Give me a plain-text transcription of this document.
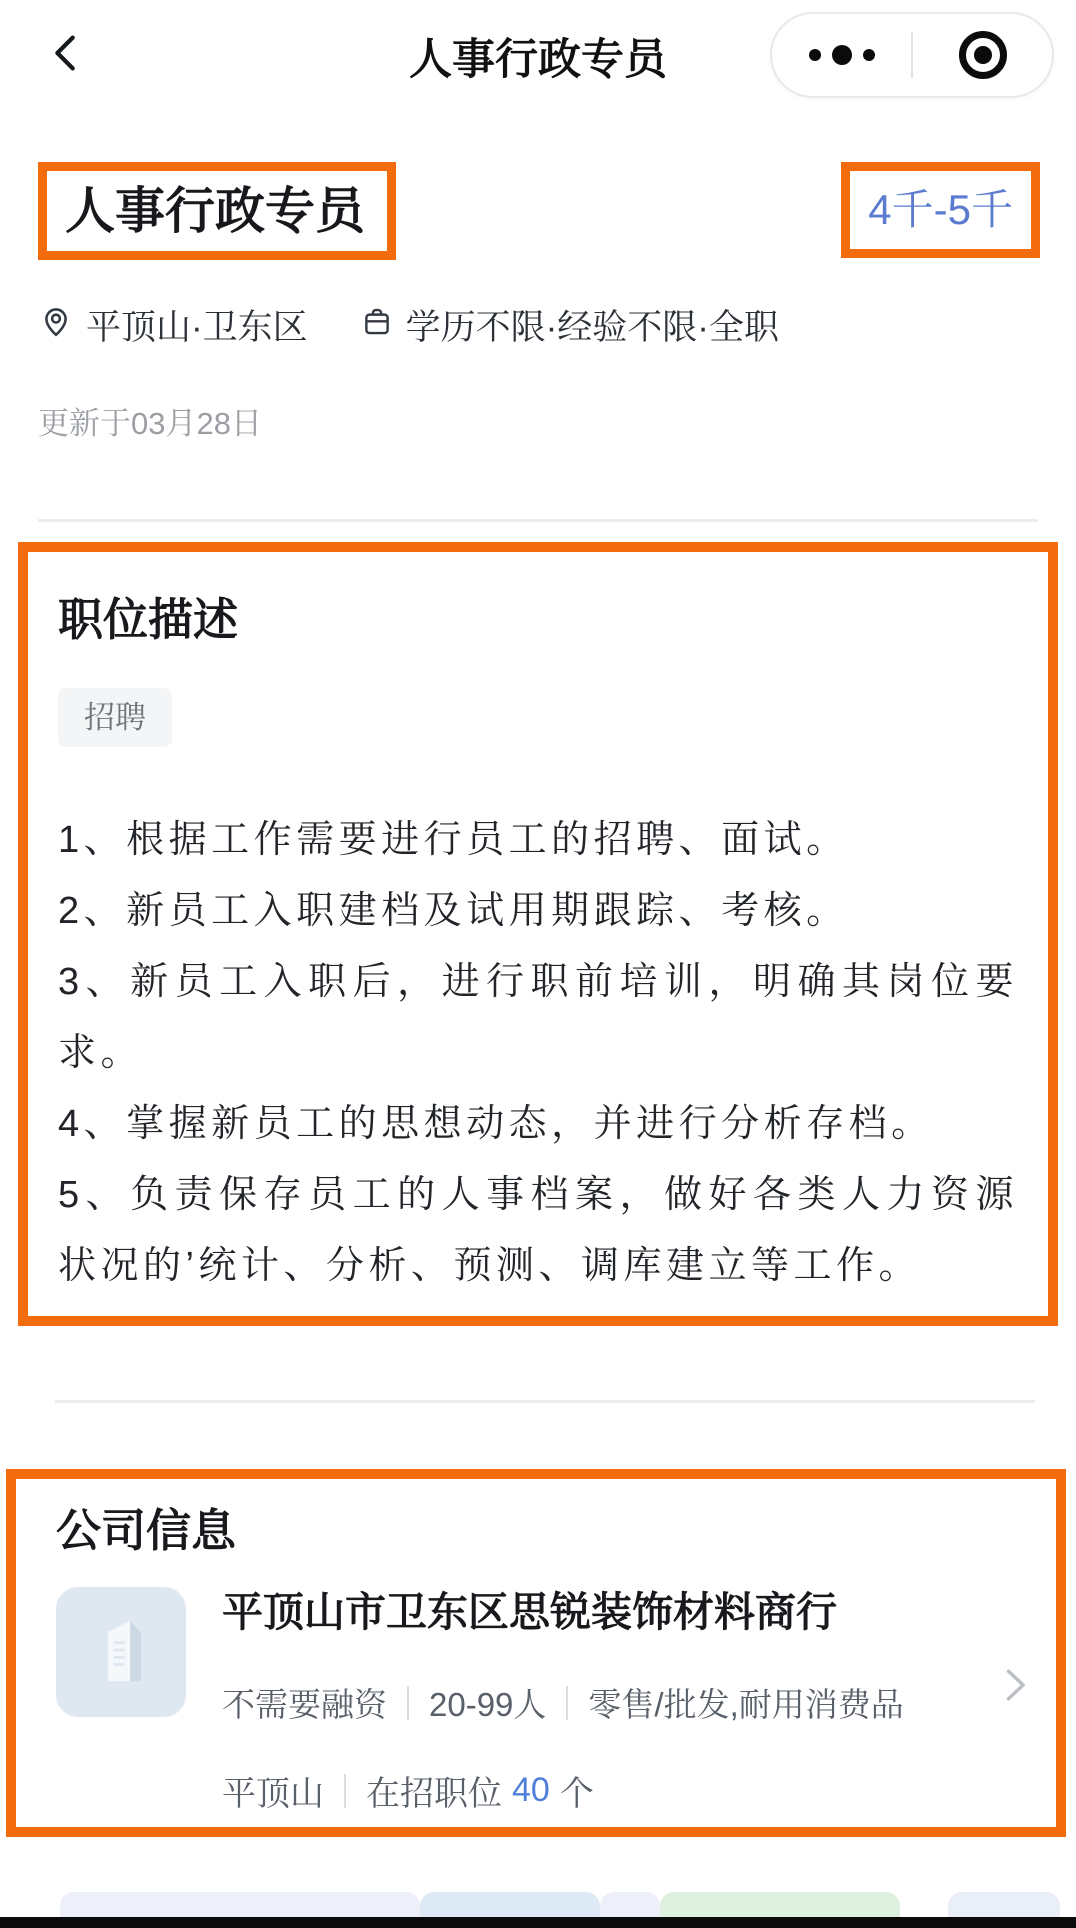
人事行政专员
人事行政专员	4千-5千
平顶山·卫东区	学历不限·经验不限·全职
更新于03月28日
职位描述
招聘

1、根据工作需要进行员工的招聘、面试。

2、新员工入职建档及试用期跟踪、考核。

3、新员工入职后，进行职前培训，明确其岗位要求。

4、掌握新员工的思想动态，并进行分析存档。

5、负责保存员工的人事档案，做好各类人力资源状况的’统计、分析、预测、调库建立等工作。

公司信息
平顶山市卫东区思锐装饰材料商行
不需要融资 20-99人 零售/批发,耐用消费品
平顶山 在招职位 40 个
